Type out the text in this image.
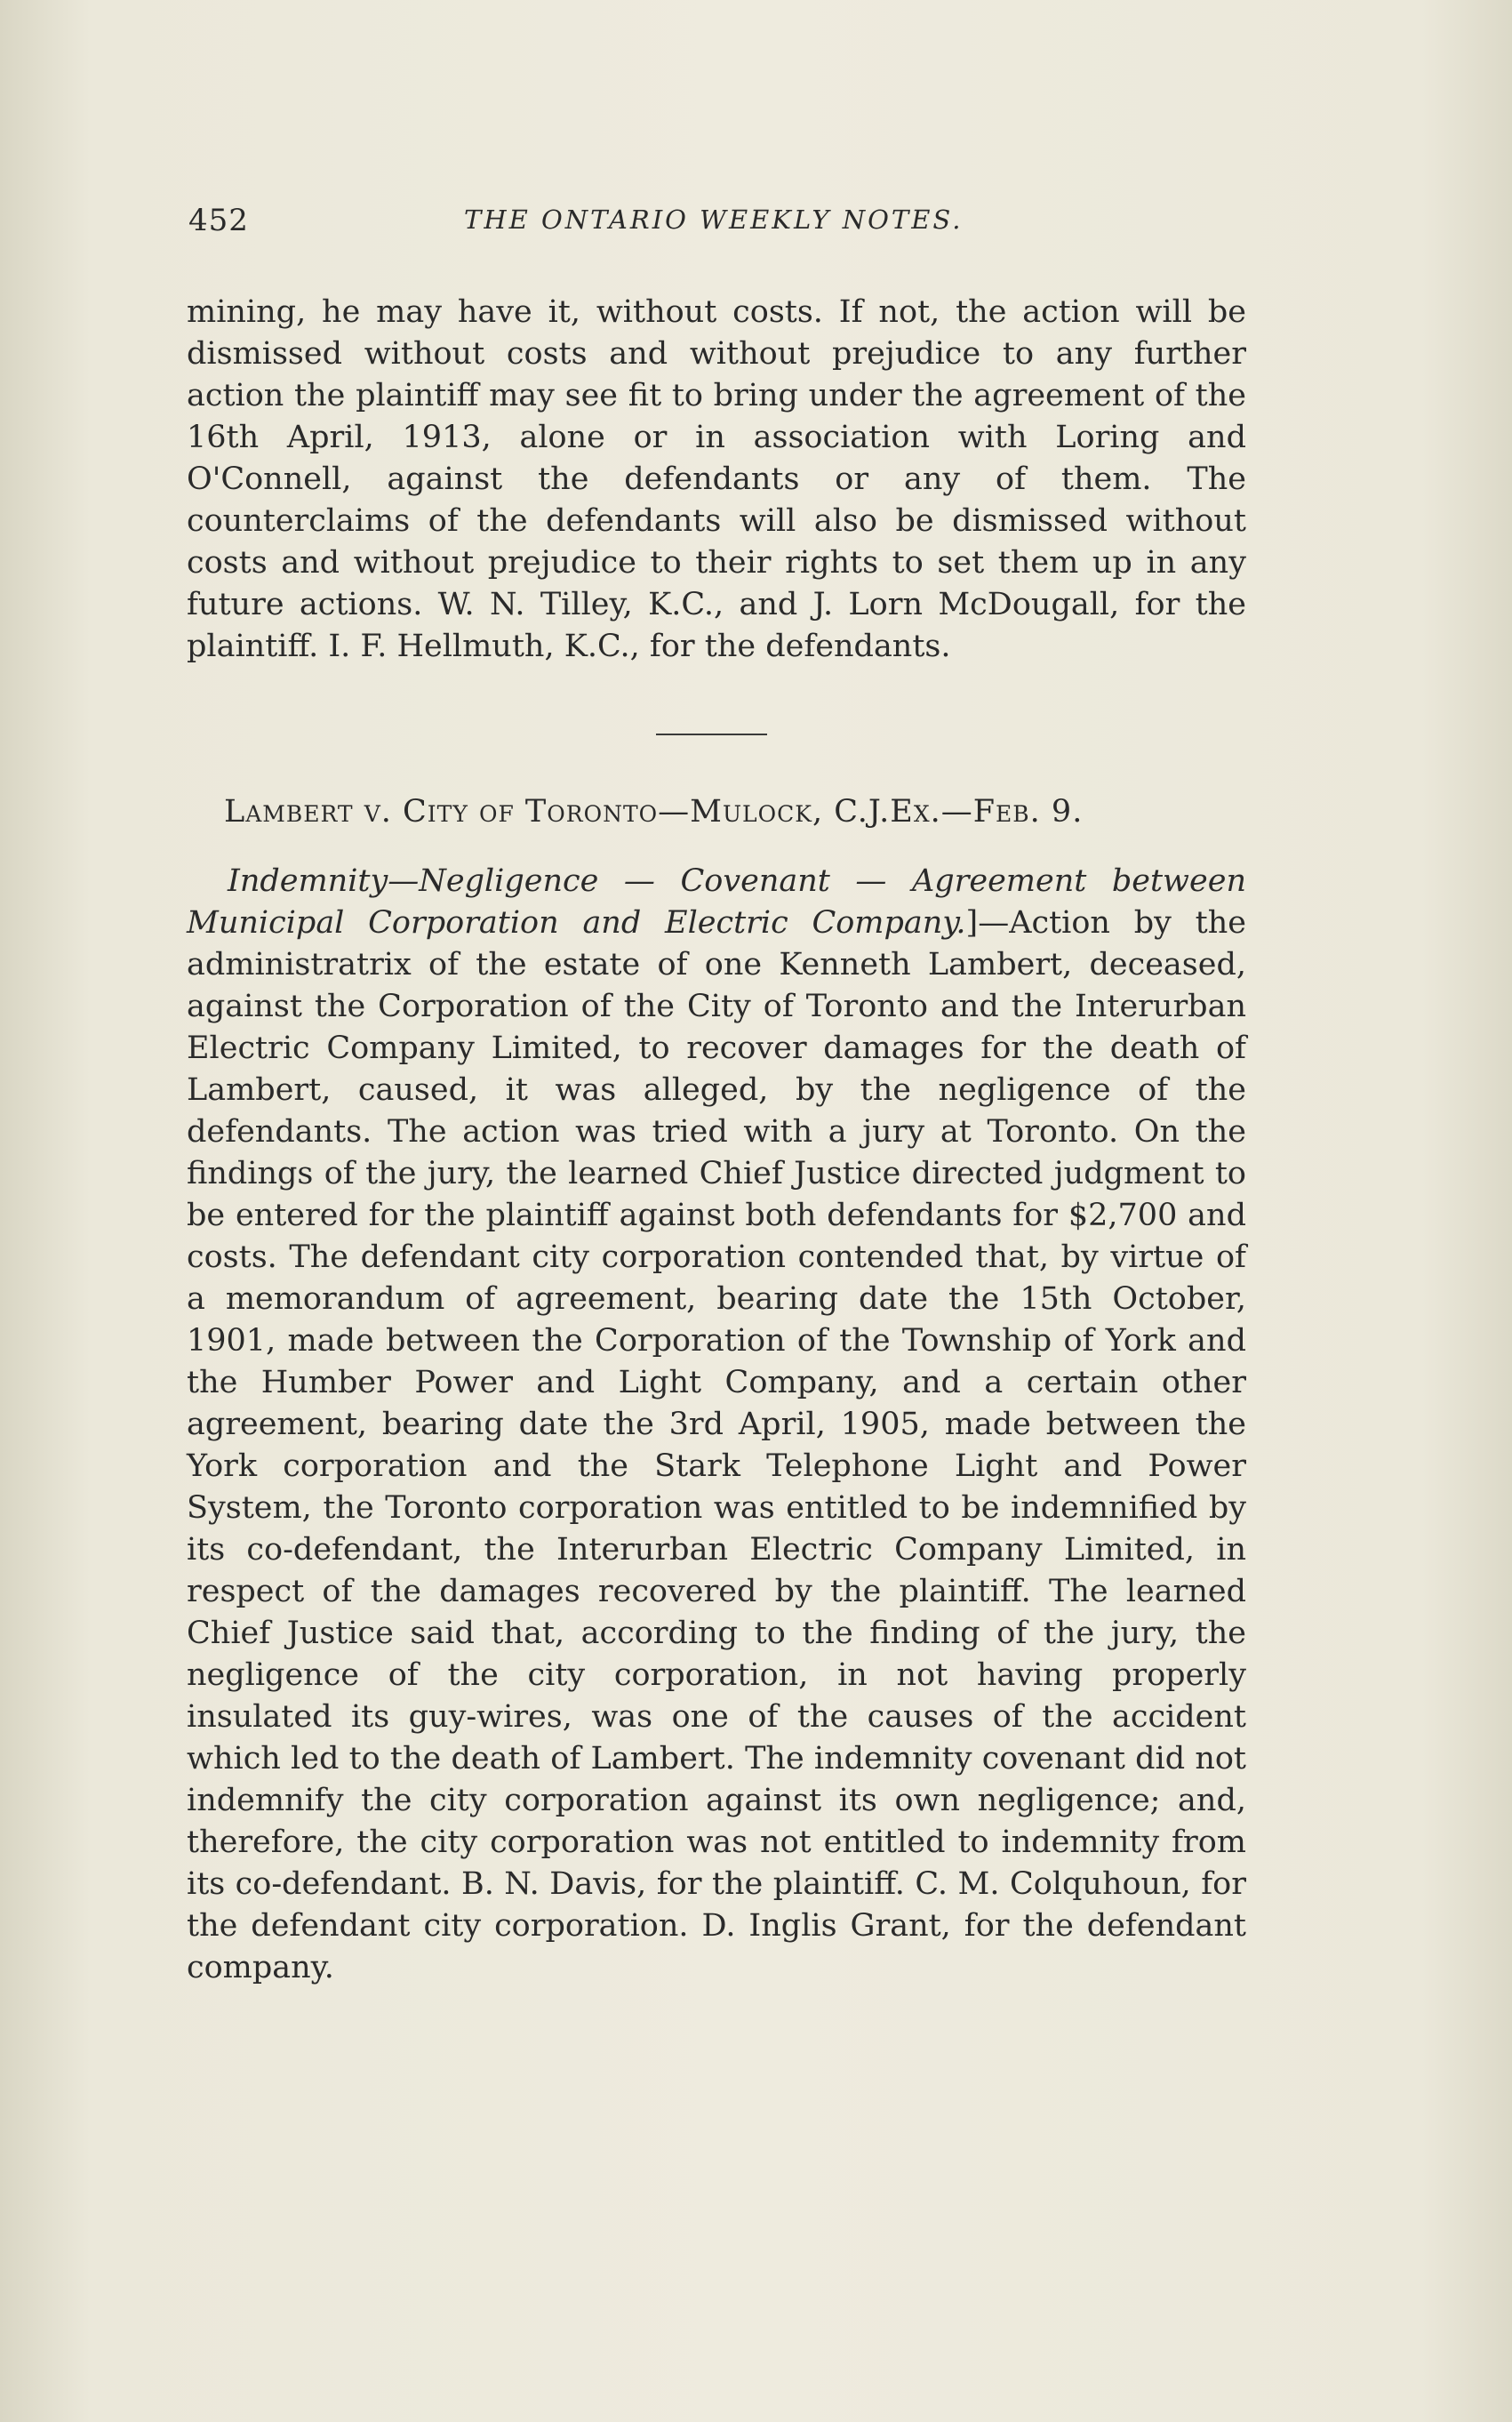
452	THE ONTARIO WEEKLY NOTES.

mining, he may have it, without costs. If not, the action will be dismissed without costs and without prejudice to any further action the plaintiff may see fit to bring under the agreement of the 16th April, 1913, alone or in association with Loring and O'Connell, against the defendants or any of them. The counterclaims of the defendants will also be dismissed without costs and without prejudice to their rights to set them up in any future actions. W. N. Tilley, K.C., and J. Lorn McDougall, for the plaintiff. I. F. Hellmuth, K.C., for the defendants.

Lambert v. City of Toronto—Mulock, C.J.Ex.—Feb. 9.

Indemnity—Negligence — Covenant — Agreement between Municipal Corporation and Electric Company.]—Action by the administratrix of the estate of one Kenneth Lambert, deceased, against the Corporation of the City of Toronto and the Interurban Electric Company Limited, to recover damages for the death of Lambert, caused, it was alleged, by the negligence of the defendants. The action was tried with a jury at Toronto. On the findings of the jury, the learned Chief Justice directed judgment to be entered for the plaintiff against both defendants for $2,700 and costs. The defendant city corporation contended that, by virtue of a memorandum of agreement, bearing date the 15th October, 1901, made between the Corporation of the Township of York and the Humber Power and Light Company, and a certain other agreement, bearing date the 3rd April, 1905, made between the York corporation and the Stark Telephone Light and Power System, the Toronto corporation was entitled to be indemnified by its co-defendant, the Interurban Electric Company Limited, in respect of the damages recovered by the plaintiff. The learned Chief Justice said that, according to the finding of the jury, the negligence of the city corporation, in not having properly insulated its guy-wires, was one of the causes of the accident which led to the death of Lambert. The indemnity covenant did not indemnify the city corporation against its own negligence; and, therefore, the city corporation was not entitled to indemnity from its co-defendant. B. N. Davis, for the plaintiff. C. M. Colquhoun, for the defendant city corporation. D. Inglis Grant, for the defendant company.
